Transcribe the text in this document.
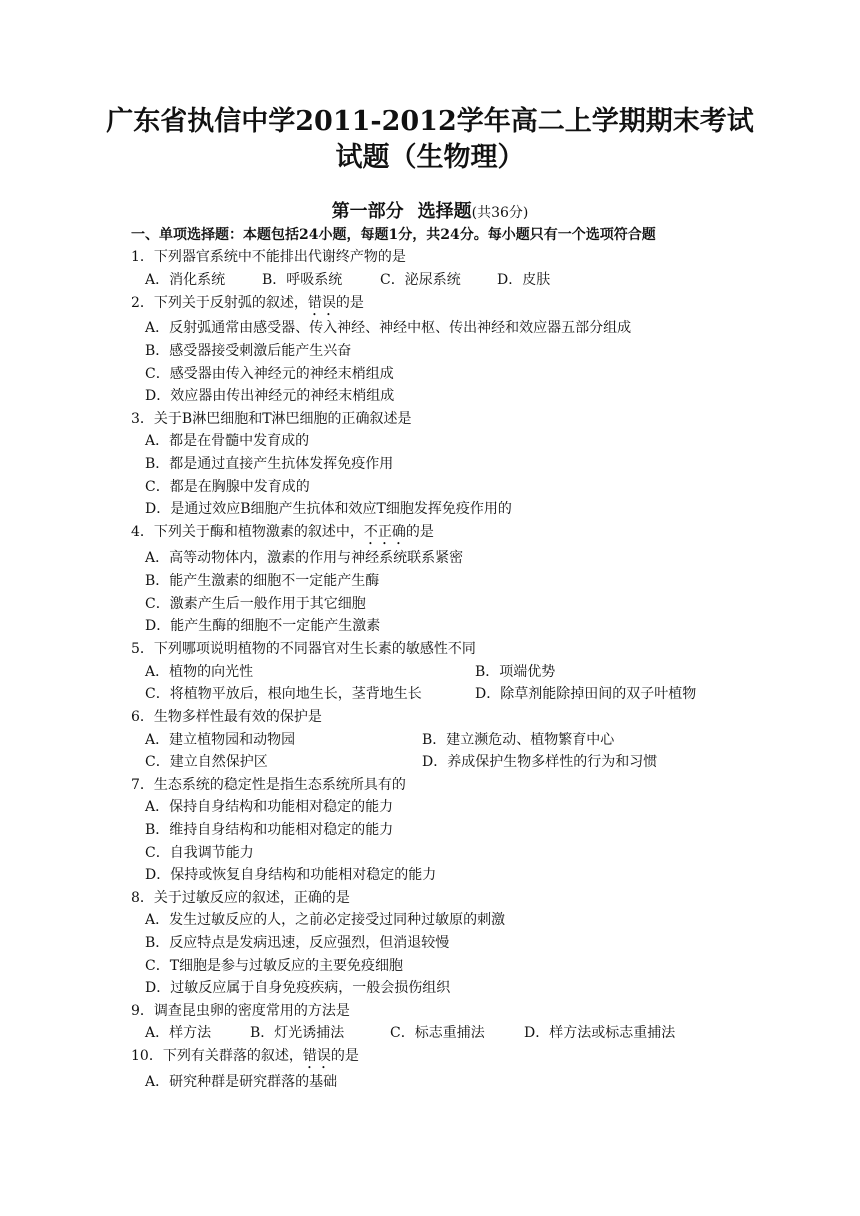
广东省执信中学2011-2012学年高二上学期期末考试
试题（生物理）
第一部分 选择题(共36分)
一、单项选择题：本题包括24小题，每题1分，共24分。每小题只有一个选项符合题
1．下列器官系统中不能排出代谢终产物的是
A．消化系统	B．呼吸系统	C．泌尿系统	D．皮肤
2．下列关于反射弧的叙述，错误的是
A．反射弧通常由感受器、传入神经、神经中枢、传出神经和效应器五部分组成
B．感受器接受刺激后能产生兴奋
C．感受器由传入神经元的神经末梢组成
D．效应器由传出神经元的神经末梢组成
3．关于B淋巴细胞和T淋巴细胞的正确叙述是
A．都是在骨髓中发育成的
B．都是通过直接产生抗体发挥免疫作用
C．都是在胸腺中发育成的
D．是通过效应B细胞产生抗体和效应T细胞发挥免疫作用的
4．下列关于酶和植物激素的叙述中，不正确的是
A．高等动物体内，激素的作用与神经系统联系紧密
B．能产生激素的细胞不一定能产生酶
C．激素产生后一般作用于其它细胞
D．能产生酶的细胞不一定能产生激素
5．下列哪项说明植物的不同器官对生长素的敏感性不同
A．植物的向光性	B．项端优势
C．将植物平放后，根向地生长，茎背地生长	D．除草剂能除掉田间的双子叶植物
6．生物多样性最有效的保护是
A．建立植物园和动物园	B．建立濒危动、植物繁育中心
C．建立自然保护区	D．养成保护生物多样性的行为和习惯
7．生态系统的稳定性是指生态系统所具有的
A．保持自身结构和功能相对稳定的能力
B．维持自身结构和功能相对稳定的能力
C．自我调节能力
D．保持或恢复自身结构和功能相对稳定的能力
8．关于过敏反应的叙述，正确的是
A．发生过敏反应的人，之前必定接受过同种过敏原的刺激
B．反应特点是发病迅速，反应强烈，但消退较慢
C．T细胞是参与过敏反应的主要免疫细胞
D．过敏反应属于自身免疫疾病，一般会损伤组织
9．调查昆虫卵的密度常用的方法是
A．样方法	B．灯光诱捕法	C．标志重捕法	D．样方法或标志重捕法
10．下列有关群落的叙述，错误的是
A．研究种群是研究群落的基础
